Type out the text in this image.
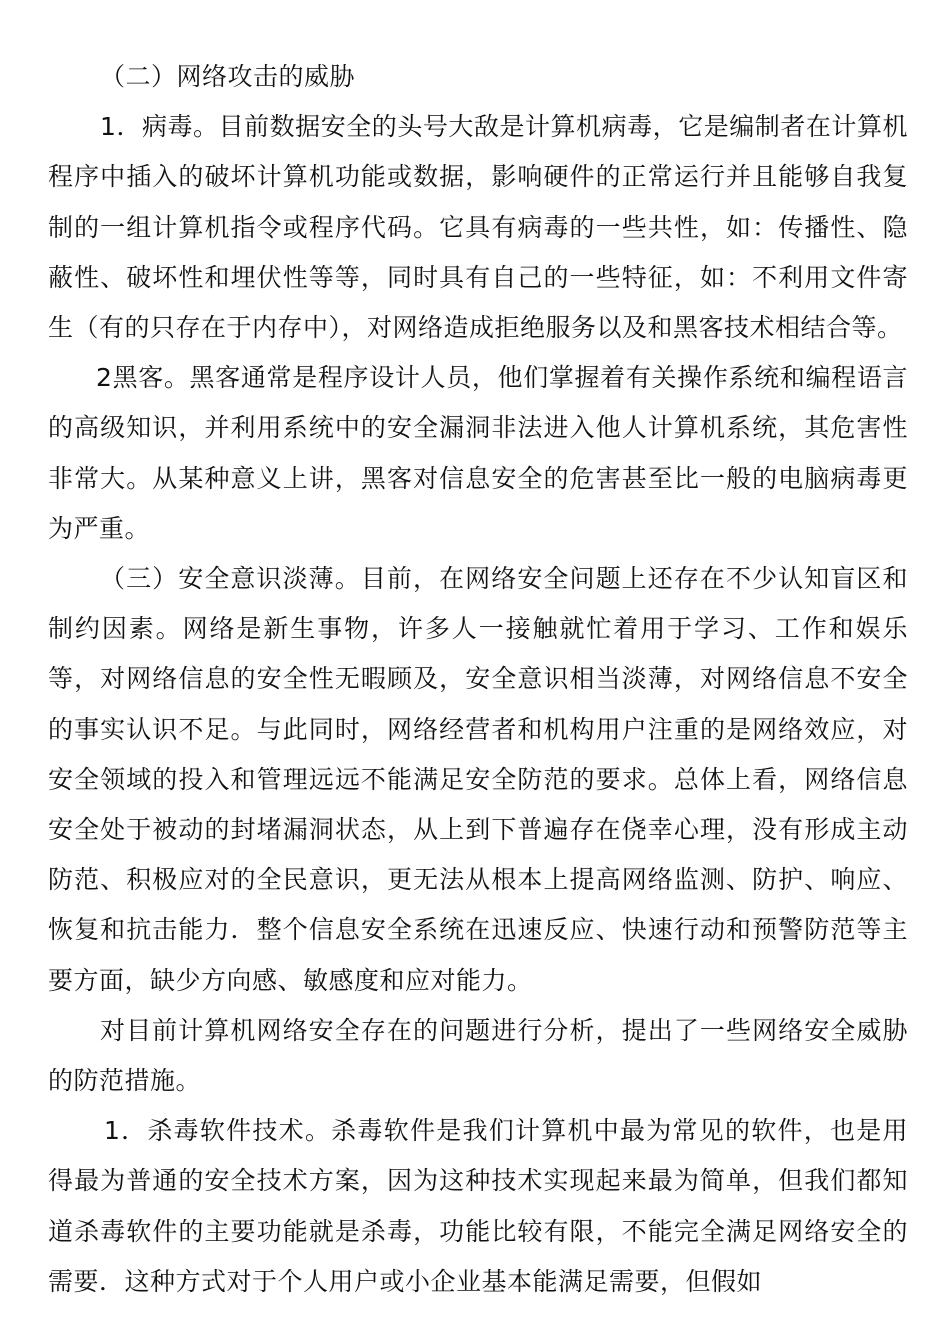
（二）网络攻击的威胁

1．病毒。目前数据安全的头号大敌是计算机病毒，它是编制者在计算机程序中插入的破坏计算机功能或数据，影响硬件的正常运行并且能够自我复制的一组计算机指令或程序代码。它具有病毒的一些共性，如：传播性、隐蔽性、破坏性和埋伏性等等，同时具有自己的一些特征，如：不利用文件寄生（有的只存在于内存中），对网络造成拒绝服务以及和黑客技术相结合等。

2黑客。黑客通常是程序设计人员，他们掌握着有关操作系统和编程语言的高级知识，并利用系统中的安全漏洞非法进入他人计算机系统，其危害性非常大。从某种意义上讲，黑客对信息安全的危害甚至比一般的电脑病毒更为严重。

（三）安全意识淡薄。目前，在网络安全问题上还存在不少认知盲区和制约因素。网络是新生事物，许多人一接触就忙着用于学习、工作和娱乐等，对网络信息的安全性无暇顾及，安全意识相当淡薄，对网络信息不安全的事实认识不足。与此同时，网络经营者和机构用户注重的是网络效应，对安全领域的投入和管理远远不能满足安全防范的要求。总体上看，网络信息安全处于被动的封堵漏洞状态，从上到下普遍存在侥幸心理，没有形成主动防范、积极应对的全民意识，更无法从根本上提高网络监测、防护、响应、恢复和抗击能力．整个信息安全系统在迅速反应、快速行动和预警防范等主要方面，缺少方向感、敏感度和应对能力。

对目前计算机网络安全存在的问题进行分析，提出了一些网络安全威胁的防范措施。

1．杀毒软件技术。杀毒软件是我们计算机中最为常见的软件，也是用得最为普通的安全技术方案，因为这种技术实现起来最为简单，但我们都知道杀毒软件的主要功能就是杀毒，功能比较有限，不能完全满足网络安全的需要．这种方式对于个人用户或小企业基本能满足需要，但假如
